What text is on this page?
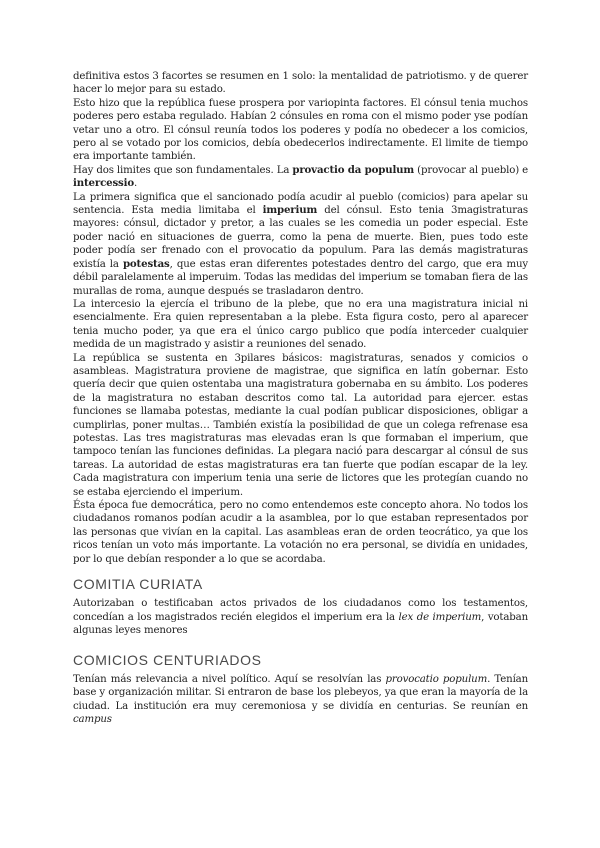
definitiva estos 3 facortes se resumen en 1 solo: la mentalidad de patriotismo. y de querer hacer lo mejor para su estado.

Esto hizo que la república fuese prospera por variopinta factores. El cónsul tenia muchos poderes pero estaba regulado. Habían 2 cónsules en roma con el mismo poder yse podían vetar uno a otro. El cónsul reunía todos los poderes y podía no obedecer a los comicios, pero al se votado por los comicios, debía obedecerlos indirectamente. El limite de tiempo era importante también.

Hay dos limites que son fundamentales. La provactio da populum (provocar al pueblo) e intercessio.

La primera significa que el sancionado podía acudir al pueblo (comicios) para apelar su sentencia. Esta media limitaba el imperium del cónsul. Esto tenia 3magistraturas mayores: cónsul, dictador y pretor, a las cuales se les comedia un poder especial. Este poder nació en situaciones de guerra, como la pena de muerte. Bien, pues todo este poder podía ser frenado con el provocatio da populum. Para las demás magistraturas existía la potestas, que estas eran diferentes potestades dentro del cargo, que era muy débil paralelamente al imperuim. Todas las medidas del imperium se tomaban fiera de las murallas de roma, aunque después se trasladaron dentro.

La intercesio la ejercía el tribuno de la plebe, que no era una magistratura inicial ni esencialmente. Era quien representaban a la plebe. Esta figura costo, pero al aparecer tenia mucho poder, ya que era el único cargo publico que podía interceder cualquier medida de un magistrado y asistir a reuniones del senado.

La república se sustenta en 3pilares básicos: magistraturas, senados y comicios o asambleas. Magistratura proviene de magistrae, que significa en latín gobernar. Esto quería decir que quien ostentaba una magistratura gobernaba en su ámbito. Los poderes de la magistratura no estaban descritos como tal. La autoridad para ejercer. estas funciones se llamaba potestas, mediante la cual podían publicar disposiciones, obligar a cumplirlas, poner multas… También existía la posibilidad de que un colega refrenase esa potestas. Las tres magistraturas mas elevadas eran ls que formaban el imperium, que tampoco tenían las funciones definidas. La plegara nació para descargar al cónsul de sus tareas. La autoridad de estas magistraturas era tan fuerte que podían escapar de la ley. Cada magistratura con imperium tenia una serie de lictores que les protegían cuando no se estaba ejerciendo el imperium.

Ésta época fue democrática, pero no como entendemos este concepto ahora. No todos los ciudadanos romanos podían acudir a la asamblea, por lo que estaban representados por las personas que vivían en la capital. Las asambleas eran de orden teocrático, ya que los ricos tenían un voto más importante. La votación no era personal, se dividía en unidades, por lo que debían responder a lo que se acordaba.

COMITIA CURIATA

Autorizaban o testificaban actos privados de los ciudadanos como los testamentos, concedían a los magistrados recién elegidos el imperium era la lex de imperium, votaban algunas leyes menores

COMICIOS CENTURIADOS

Tenían más relevancia a nivel político. Aquí se resolvían las provocatio populum. Tenían base y organización militar. Si entraron de base los plebeyos, ya que eran la mayoría de la ciudad. La institución era muy ceremoniosa y se dividía en centurias. Se reunían en campus
